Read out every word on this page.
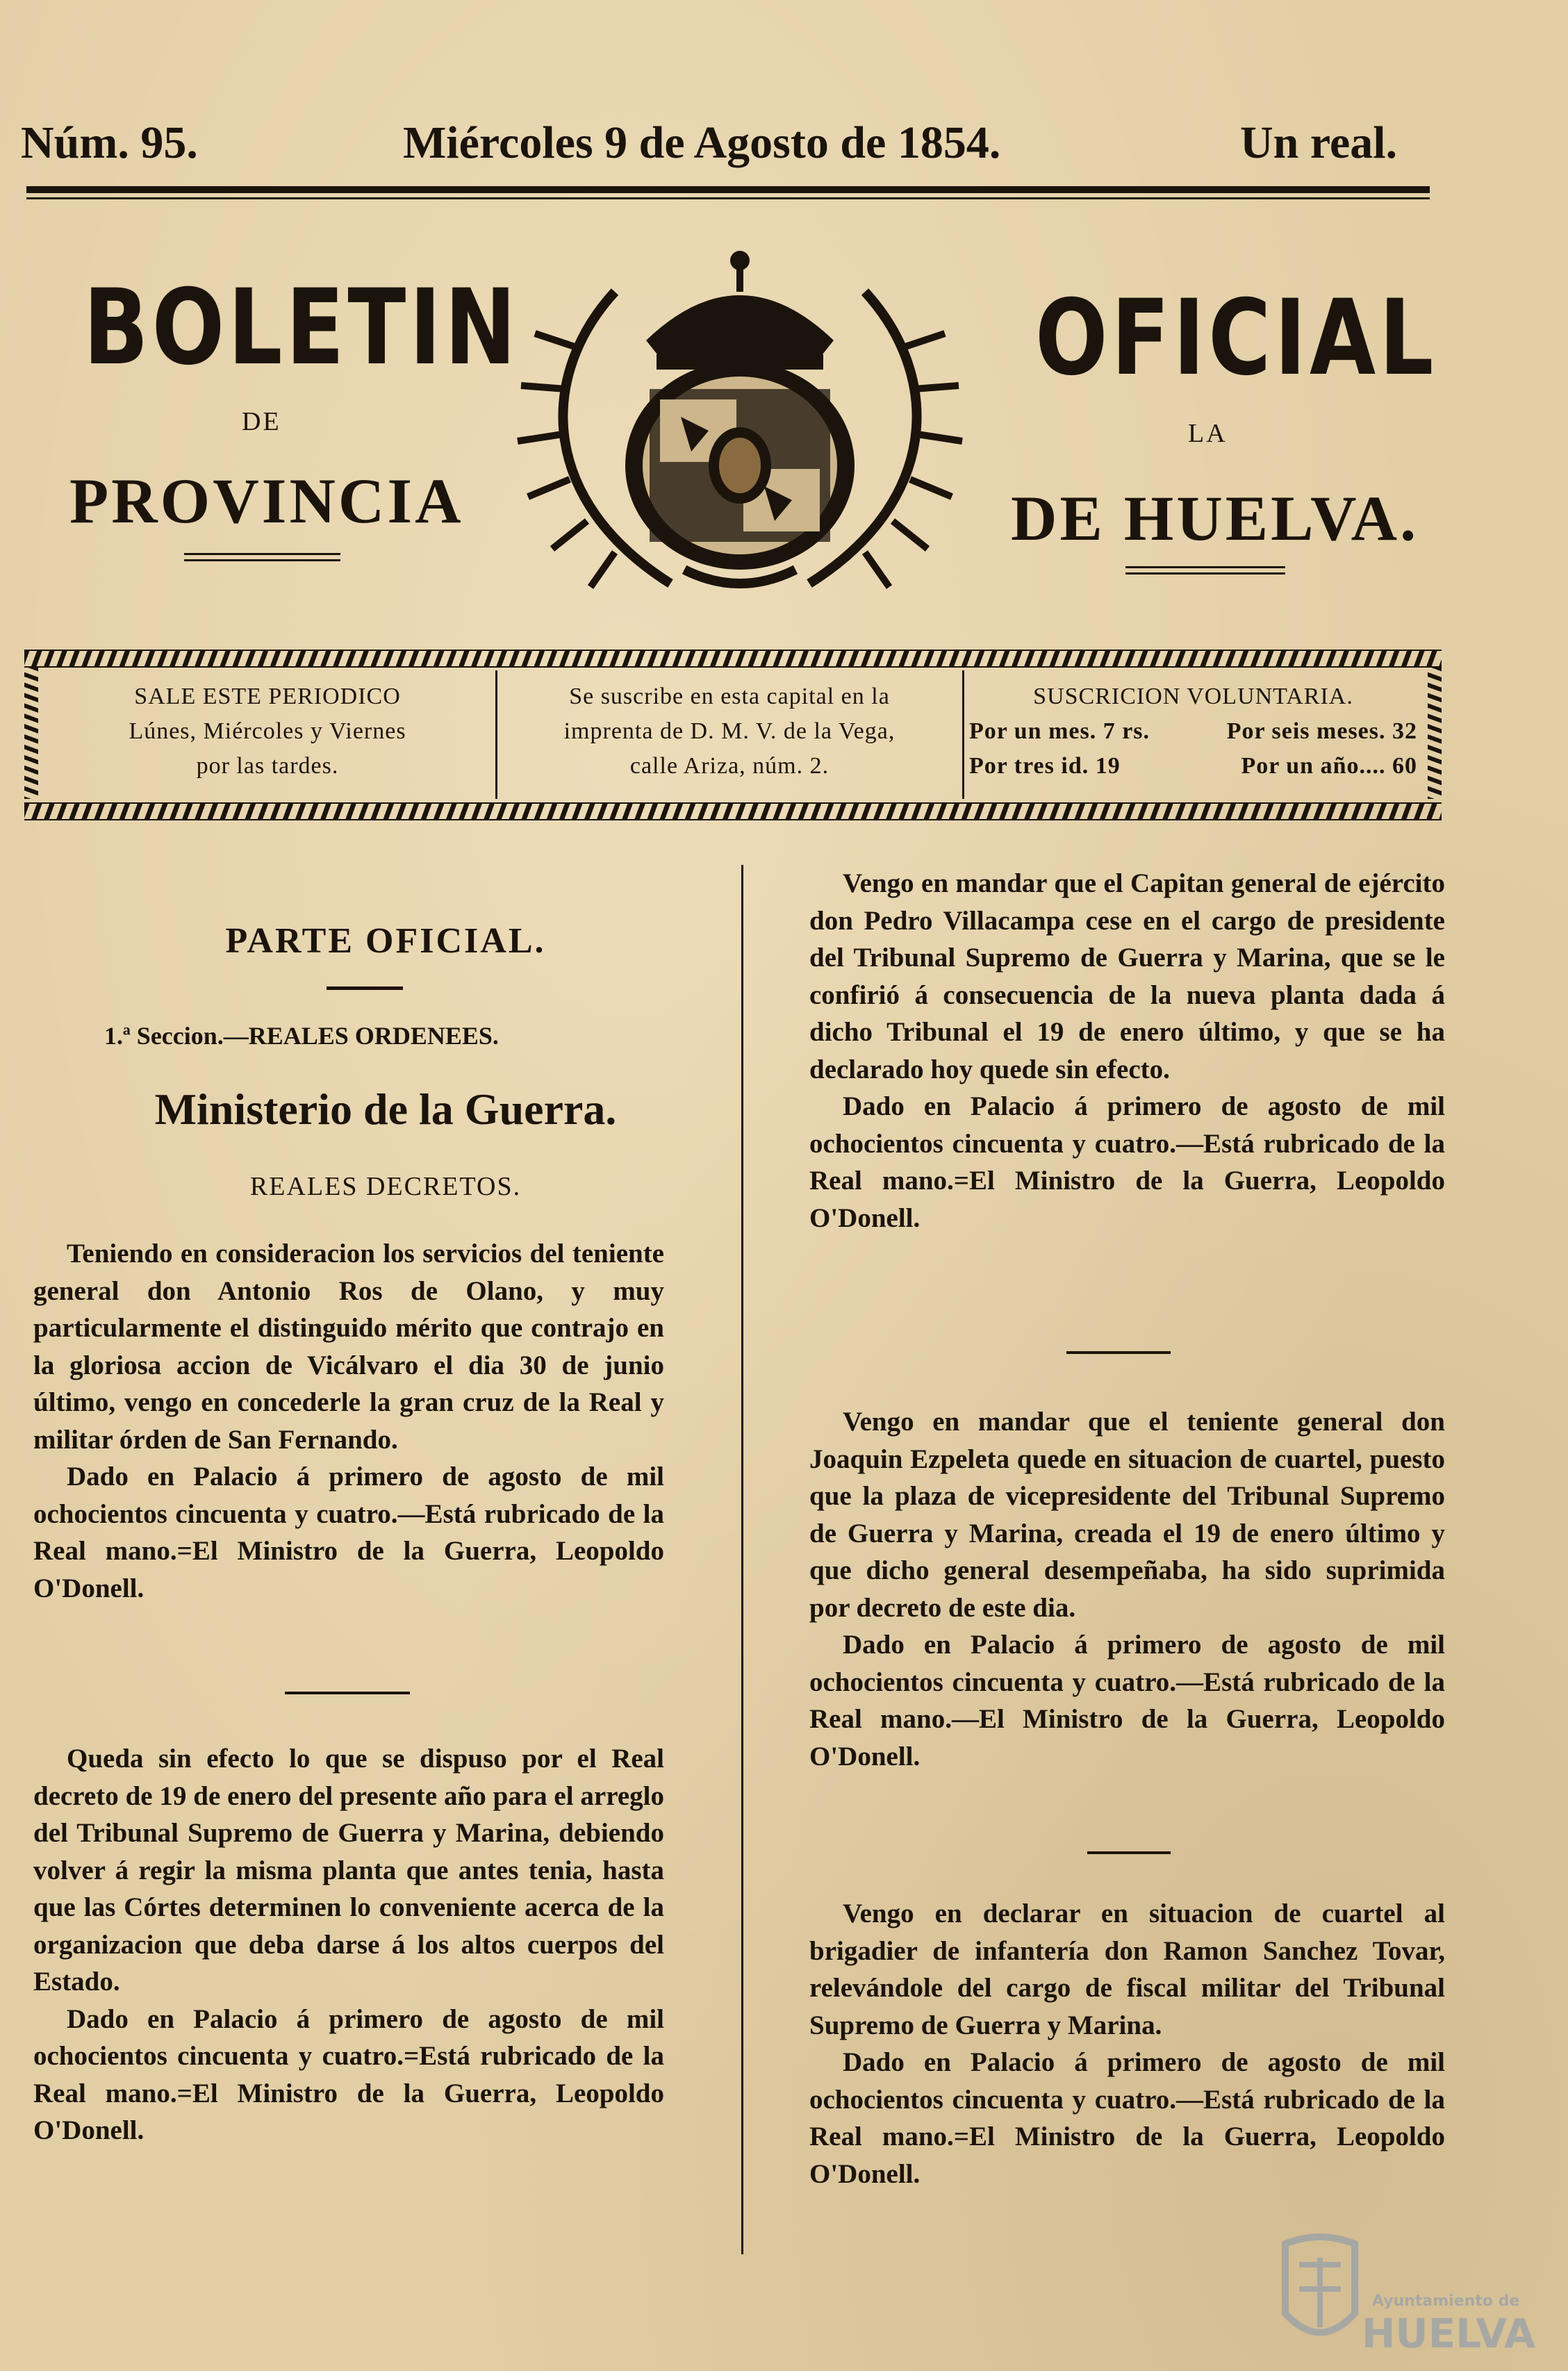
Núm. 95.	Miércoles 9 de Agosto de 1854.	Un real.
BOLETIN
DE
PROVINCIA
OFICIAL
LA
DE HUELVA.
SALE ESTE PERIODICO
Lúnes, Miércoles y Viernes
por las tardes.
Se suscribe en esta capital en la
imprenta de D. M. V. de la Vega,
calle Ariza, núm. 2.
SUSCRICION VOLUNTARIA.
Por un mes. 7 rs.	Por seis meses. 32
Por tres id. 19	Por un año.... 60
PARTE OFICIAL.
1.ª Seccion.—REALES ORDENEES.
Ministerio de la Guerra.
REALES DECRETOS.

Teniendo en consideracion los servicios del teniente general don Antonio Ros de Olano, y muy particularmente el distinguido mérito que contrajo en la gloriosa accion de Vicálvaro el dia 30 de junio último, vengo en concederle la gran cruz de la Real y militar órden de San Fernando.

Dado en Palacio á primero de agosto de mil ochocientos cincuenta y cuatro.—Está rubricado de la Real mano.=El Ministro de la Guerra, Leopoldo O'Donell.

Queda sin efecto lo que se dispuso por el Real decreto de 19 de enero del presente año para el arreglo del Tribunal Supremo de Guerra y Marina, debiendo volver á regir la misma planta que antes tenia, hasta que las Córtes determinen lo conveniente acerca de la organizacion que deba darse á los altos cuerpos del Estado.

Dado en Palacio á primero de agosto de mil ochocientos cincuenta y cuatro.=Está rubricado de la Real mano.=El Ministro de la Guerra, Leopoldo O'Donell.

Vengo en mandar que el Capitan general de ejército don Pedro Villacampa cese en el cargo de presidente del Tribunal Supremo de Guerra y Marina, que se le confirió á consecuencia de la nueva planta dada á dicho Tribunal el 19 de enero último, y que se ha declarado hoy quede sin efecto.

Dado en Palacio á primero de agosto de mil ochocientos cincuenta y cuatro.—Está rubricado de la Real mano.=El Ministro de la Guerra, Leopoldo O'Donell.

Vengo en mandar que el teniente general don Joaquin Ezpeleta quede en situacion de cuartel, puesto que la plaza de vicepresidente del Tribunal Supremo de Guerra y Marina, creada el 19 de enero último y que dicho general desempeñaba, ha sido suprimida por decreto de este dia.

Dado en Palacio á primero de agosto de mil ochocientos cincuenta y cuatro.—Está rubricado de la Real mano.—El Ministro de la Guerra, Leopoldo O'Donell.

Vengo en declarar en situacion de cuartel al brigadier de infantería don Ramon Sanchez Tovar, relevándole del cargo de fiscal militar del Tribunal Supremo de Guerra y Marina.

Dado en Palacio á primero de agosto de mil ochocientos cincuenta y cuatro.—Está rubricado de la Real mano.=El Ministro de la Guerra, Leopoldo O'Donell.

Ayuntamiento de
HUELVA
